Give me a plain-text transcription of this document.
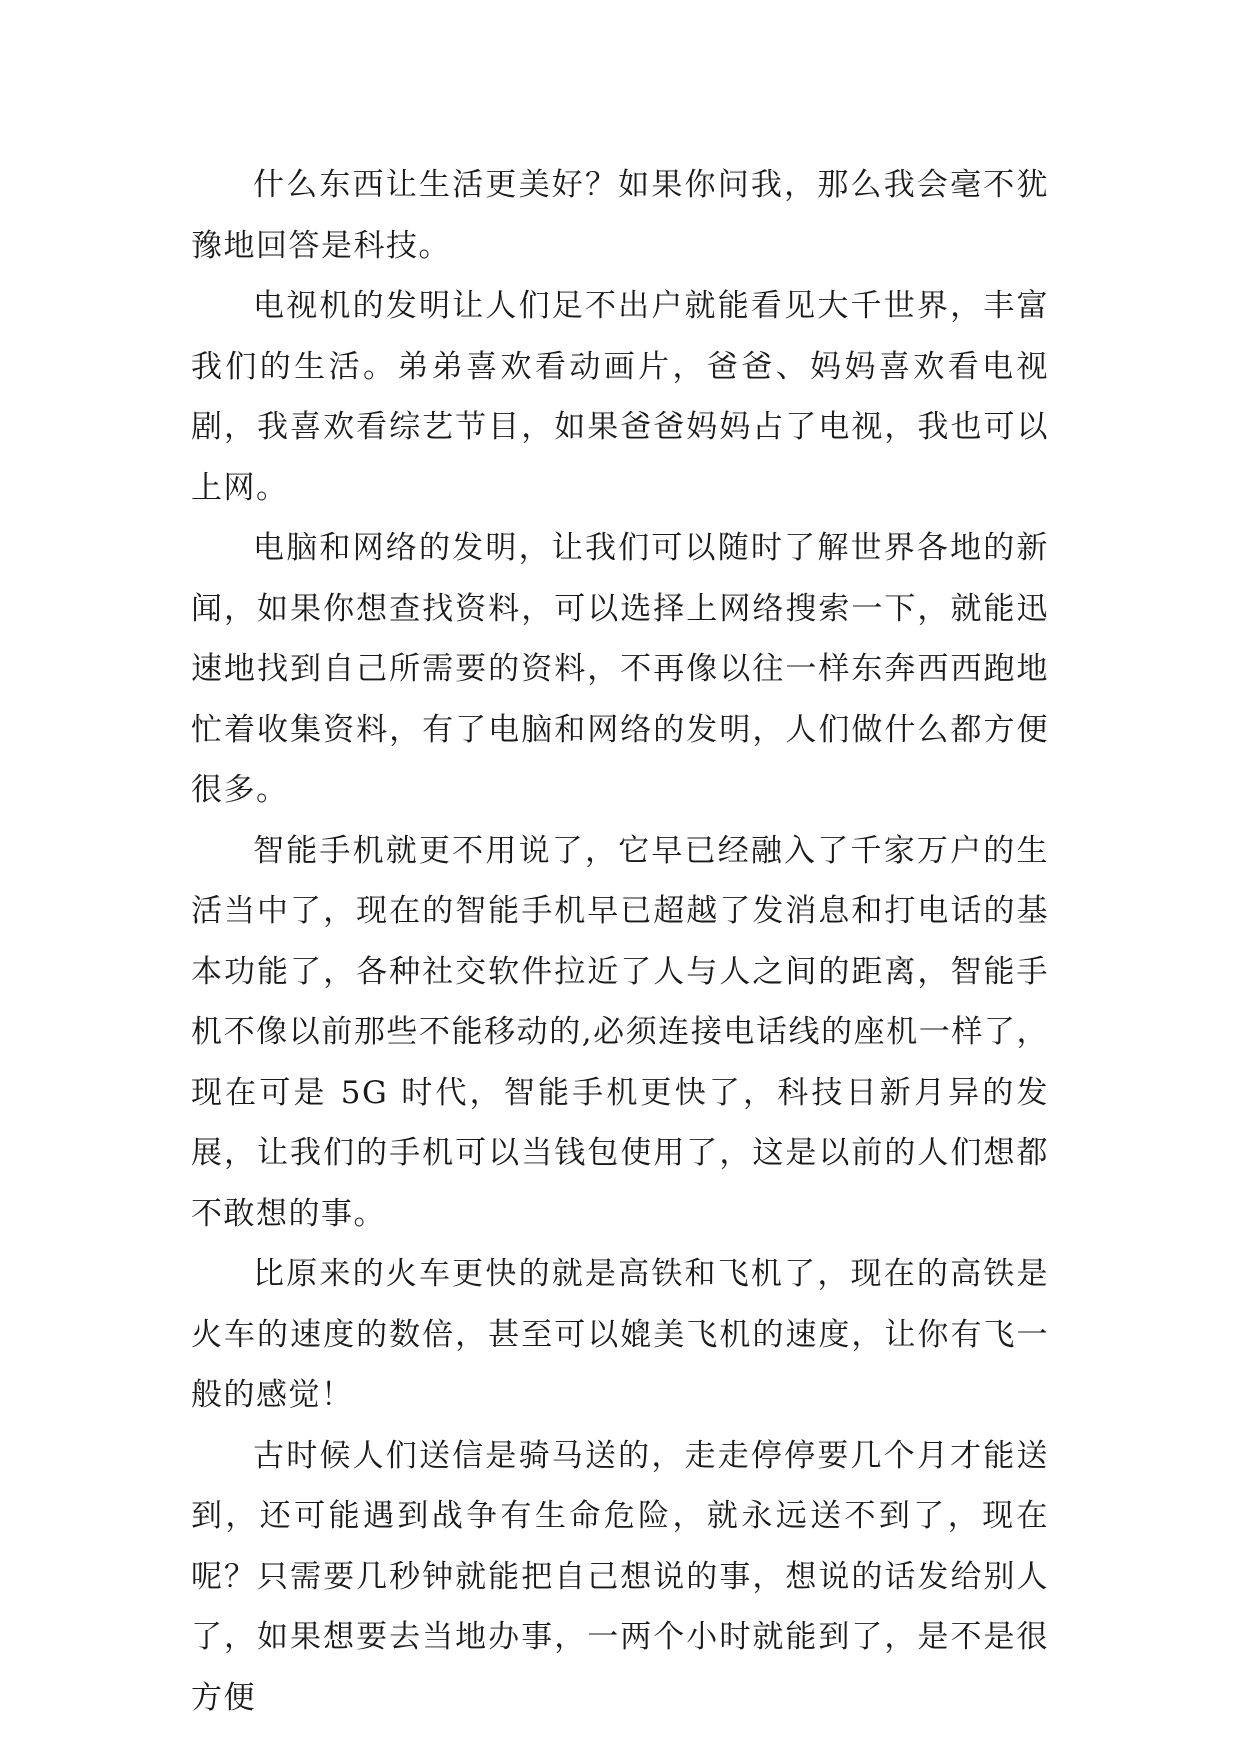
什么东西让生活更美好？如果你问我，那么我会毫不犹豫地回答是科技。

电视机的发明让人们足不出户就能看见大千世界，丰富我们的生活。弟弟喜欢看动画片，爸爸、妈妈喜欢看电视剧，我喜欢看综艺节目，如果爸爸妈妈占了电视，我也可以上网。

电脑和网络的发明，让我们可以随时了解世界各地的新闻，如果你想查找资料，可以选择上网络搜索一下，就能迅速地找到自己所需要的资料，不再像以往一样东奔西西跑地忙着收集资料，有了电脑和网络的发明，人们做什么都方便很多。

智能手机就更不用说了，它早已经融入了千家万户的生活当中了，现在的智能手机早已超越了发消息和打电话的基本功能了，各种社交软件拉近了人与人之间的距离，智能手机不像以前那些不能移动的,必须连接电话线的座机一样了，现在可是 5G 时代，智能手机更快了，科技日新月异的发展，让我们的手机可以当钱包使用了，这是以前的人们想都不敢想的事。

比原来的火车更快的就是高铁和飞机了，现在的高铁是火车的速度的数倍，甚至可以媲美飞机的速度，让你有飞一般的感觉！

古时候人们送信是骑马送的，走走停停要几个月才能送到，还可能遇到战争有生命危险，就永远送不到了，现在呢？只需要几秒钟就能把自己想说的事，想说的话发给别人了，如果想要去当地办事，一两个小时就能到了，是不是很方便
